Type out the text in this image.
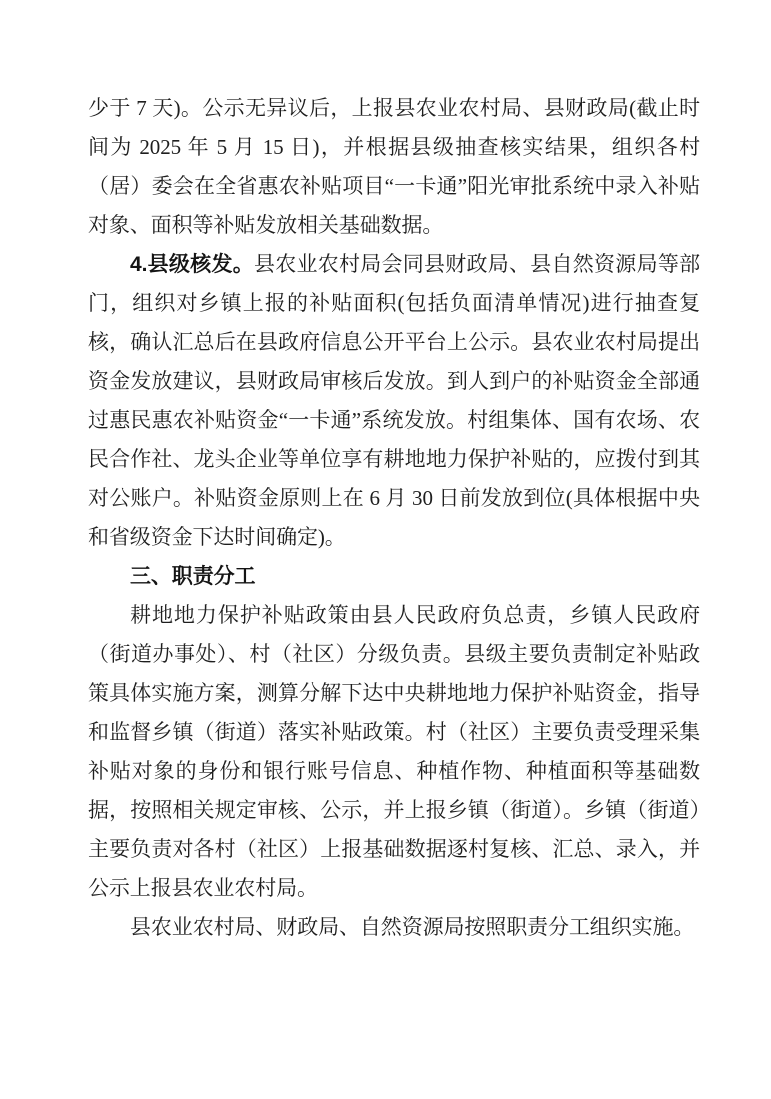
少于 7 天)。公示无异议后，上报县农业农村局、县财政局(截止时间为 2025 年 5 月 15 日)，并根据县级抽查核实结果，组织各村（居）委会在全省惠农补贴项目“一卡通”阳光审批系统中录入补贴对象、面积等补贴发放相关基础数据。

4.县级核发。县农业农村局会同县财政局、县自然资源局等部门，组织对乡镇上报的补贴面积(包括负面清单情况)进行抽查复核，确认汇总后在县政府信息公开平台上公示。县农业农村局提出资金发放建议，县财政局审核后发放。到人到户的补贴资金全部通过惠民惠农补贴资金“一卡通”系统发放。村组集体、国有农场、农民合作社、龙头企业等单位享有耕地地力保护补贴的，应拨付到其对公账户。补贴资金原则上在 6 月 30 日前发放到位(具体根据中央和省级资金下达时间确定)。

三、职责分工

耕地地力保护补贴政策由县人民政府负总责，乡镇人民政府（街道办事处）、村（社区）分级负责。县级主要负责制定补贴政策具体实施方案，测算分解下达中央耕地地力保护补贴资金，指导和监督乡镇（街道）落实补贴政策。村（社区）主要负责受理采集补贴对象的身份和银行账号信息、种植作物、种植面积等基础数据，按照相关规定审核、公示，并上报乡镇（街道）。乡镇（街道）主要负责对各村（社区）上报基础数据逐村复核、汇总、录入，并公示上报县农业农村局。

县农业农村局、财政局、自然资源局按照职责分工组织实施。
